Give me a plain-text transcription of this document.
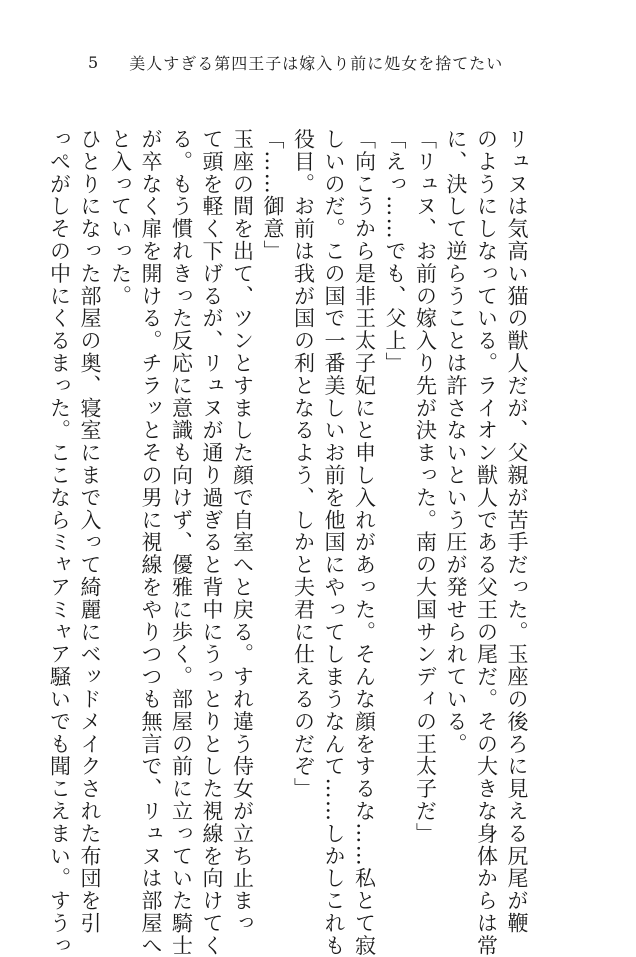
5 美人すぎる第四王子は嫁入り前に処女を捨てたい
リュヌは気高い猫の獣人だが、父親が苦手だった。玉座の後ろに見える尻尾が鞭
のようにしなっている。ライオン獣人である父王の尾だ。その大きな身体からは常
に、決して逆らうことは許さないという圧が発せられている。
「リュヌ、お前の嫁入り先が決まった。南の大国サンディの王太子だ」
「えっ……でも、父上」
「向こうから是非王太子妃にと申し入れがあった。そんな顔をするな……私とて寂
しいのだ。この国で一番美しいお前を他国にやってしまうなんて……しかしこれも
役目。お前は我が国の利となるよう、しかと夫君に仕えるのだぞ」
「……御意」
玉座の間を出て、ツンとすました顔で自室へと戻る。すれ違う侍女が立ち止まっ
て頭を軽く下げるが、リュヌが通り過ぎると背中にうっとりとした視線を向けてく
る。もう慣れきった反応に意識も向けず、優雅に歩く。部屋の前に立っていた騎士
が卒なく扉を開ける。チラッとその男に視線をやりつつも無言で、リュヌは部屋へ
と入っていった。
ひとりになった部屋の奥、寝室にまで入って綺麗にベッドメイクされた布団を引
っぺがしその中にくるまった。ここならミャアミャア騒いでも聞こえまい。すうっ
